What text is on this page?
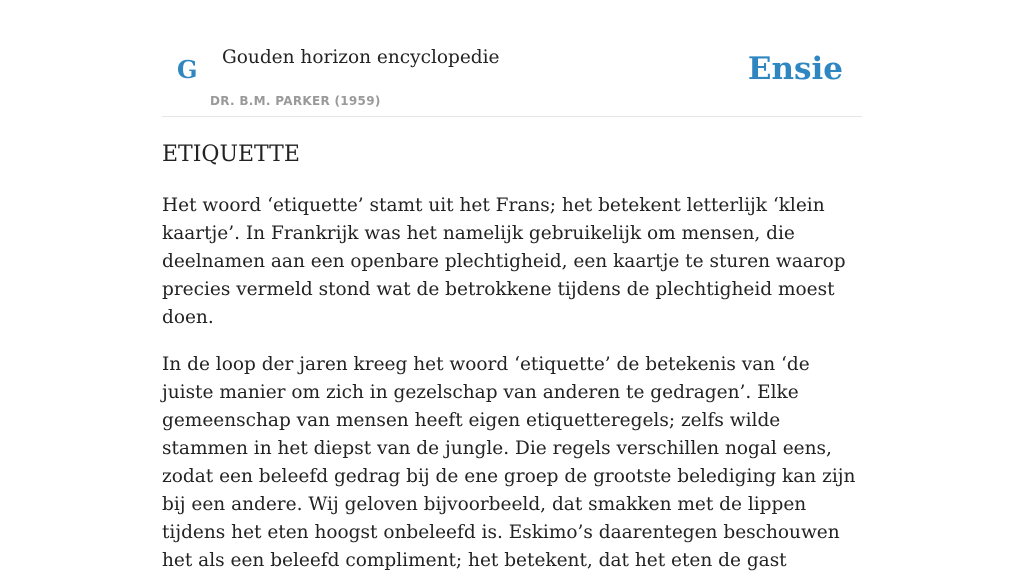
G Gouden horizon encyclopedie
DR. B.M. PARKER (1959)
Ensie
ETIQUETTE

Het woord ‘etiquette’ stamt uit het Frans; het betekent letterlijk ‘klein kaartje’. In Frankrijk was het namelijk gebruikelijk om mensen, die deelnamen aan een openbare plechtigheid, een kaartje te sturen waarop precies vermeld stond wat de betrokkene tijdens de plechtigheid moest doen.

In de loop der jaren kreeg het woord ‘etiquette’ de betekenis van ‘de juiste manier om zich in gezelschap van anderen te gedragen’. Elke gemeenschap van mensen heeft eigen etiquetteregels; zelfs wilde stammen in het diepst van de jungle. Die regels verschillen nogal eens, zodat een beleefd gedrag bij de ene groep de grootste belediging kan zijn bij een andere. Wij geloven bijvoorbeeld, dat smakken met de lippen tijdens het eten hoogst onbeleefd is. Eskimo’s daarentegen beschouwen het als een beleefd compliment; het betekent, dat het eten de gast
